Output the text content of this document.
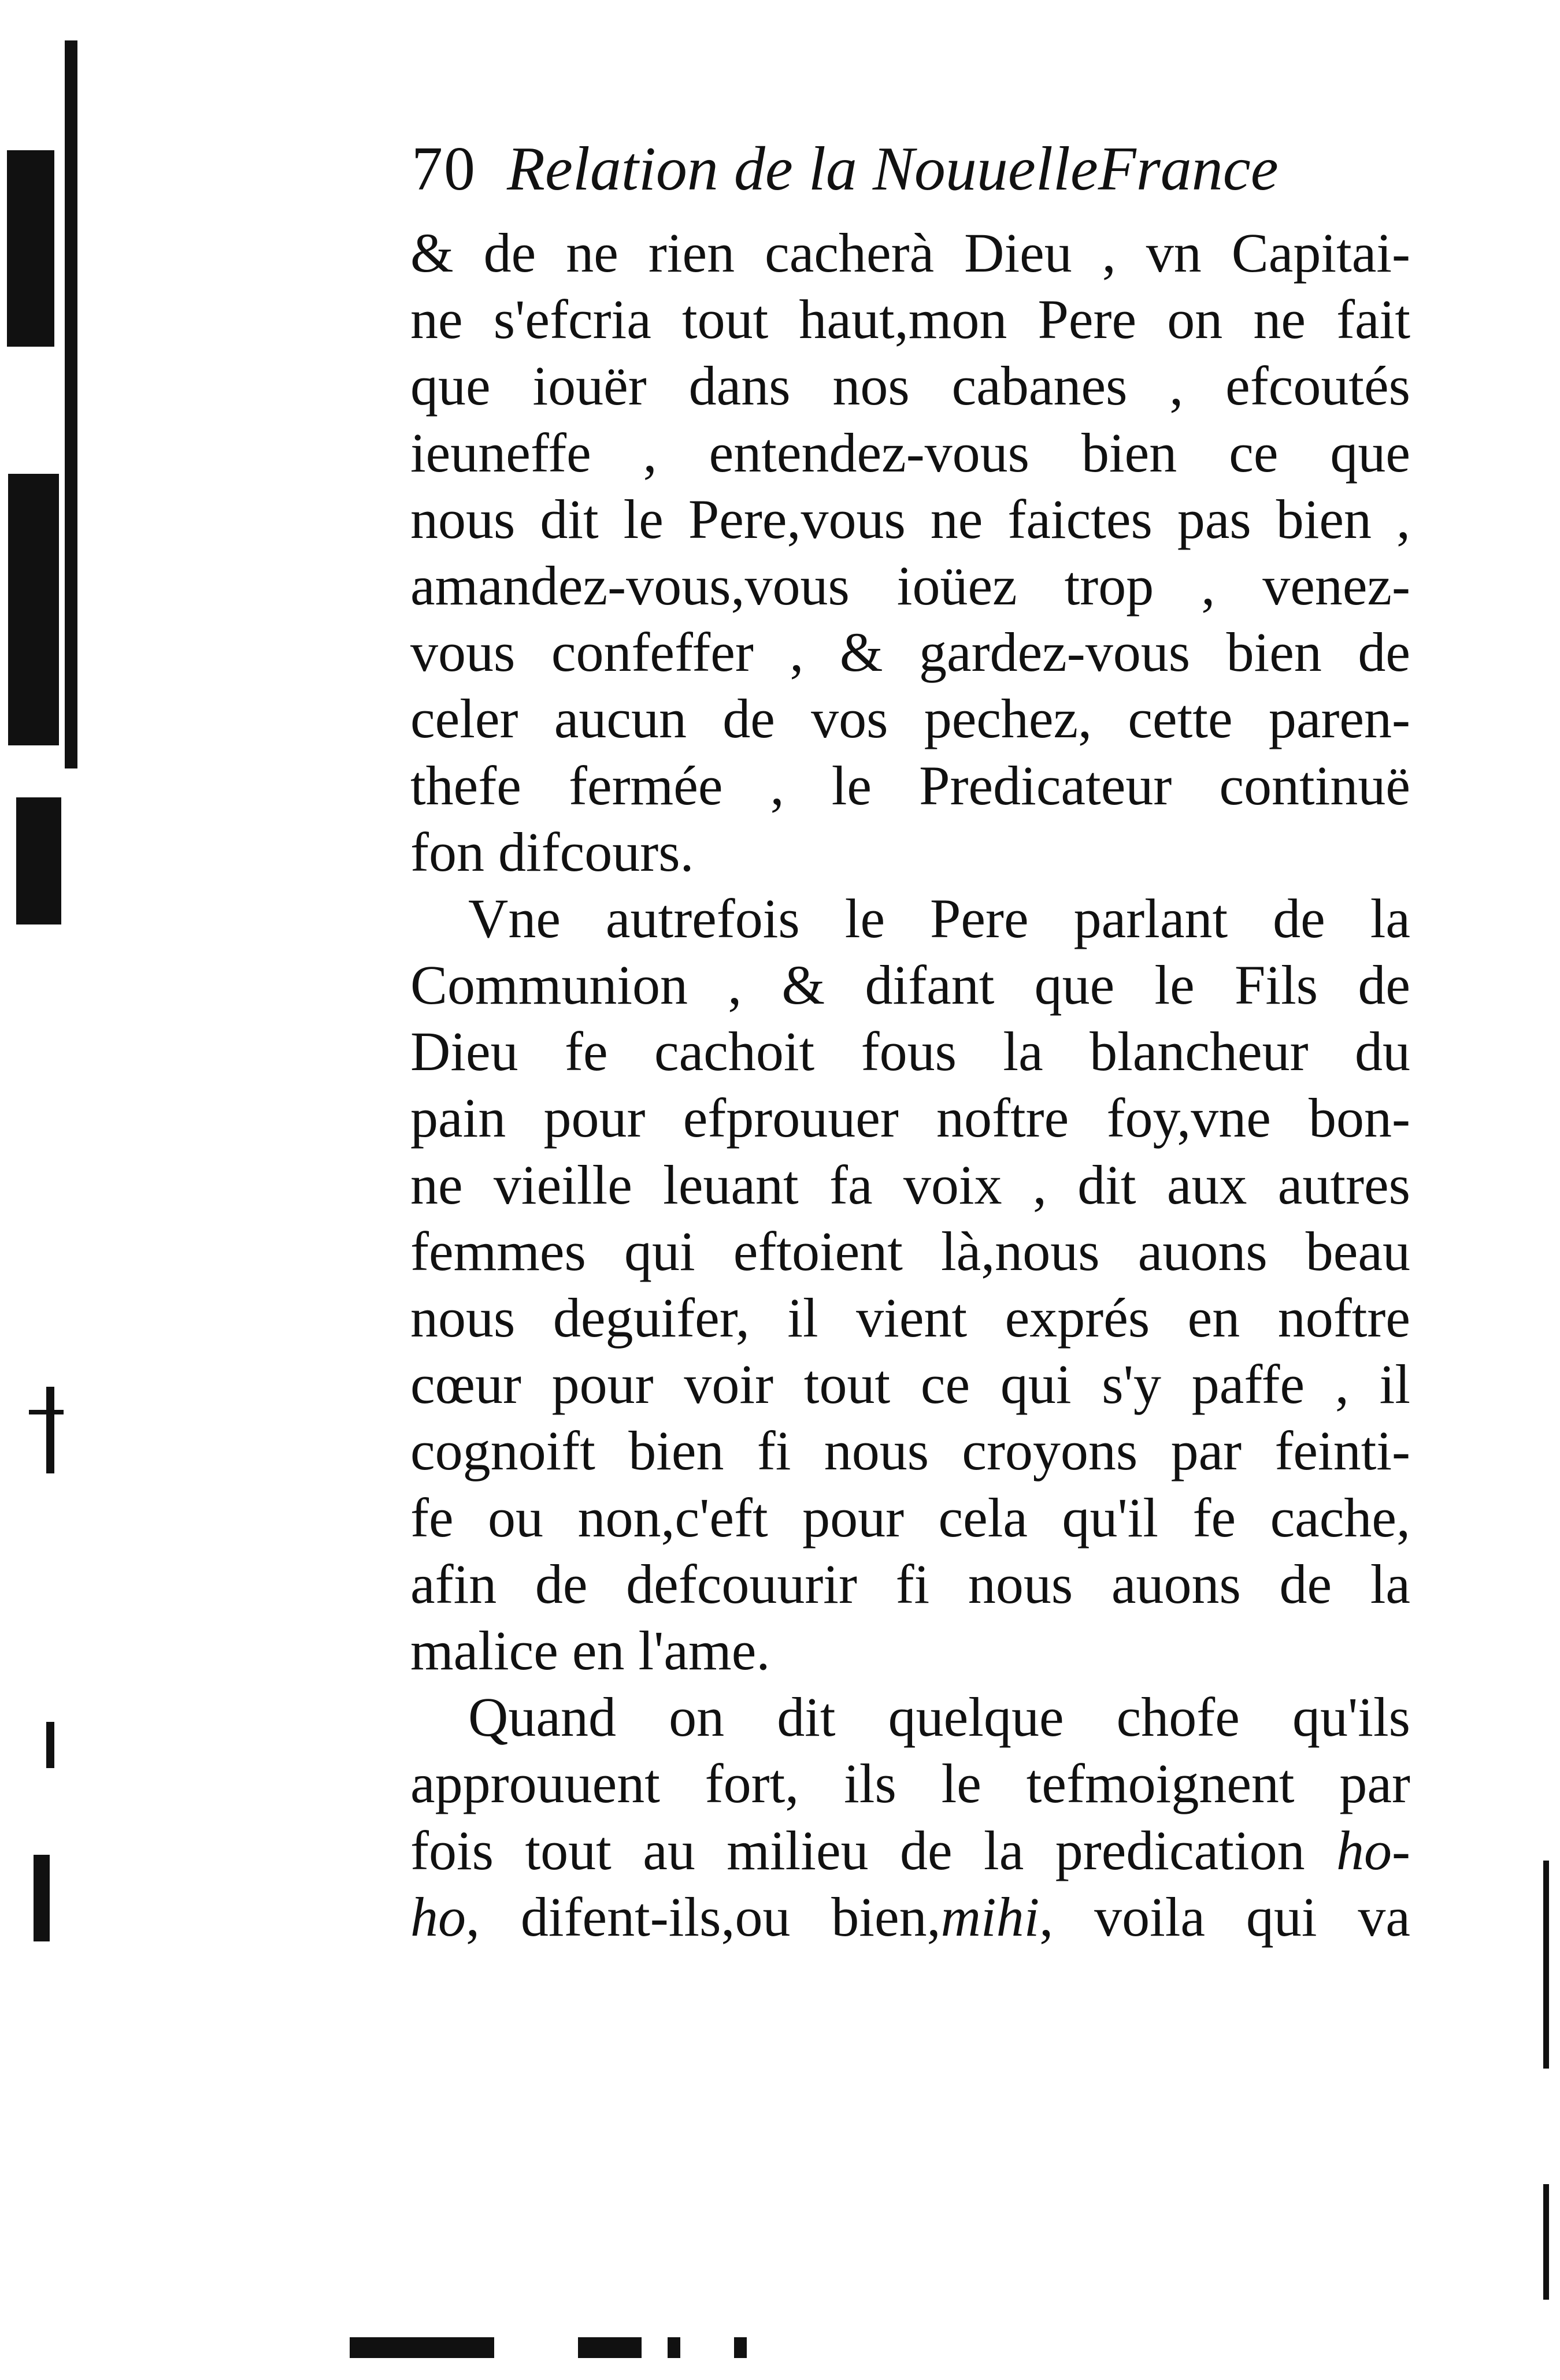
70 Relation de la NouuelleFrance
& de ne rien cacherà Dieu , vn Capitai-
ne s'efcria tout haut,mon Pere on ne fait
que iouër dans nos cabanes , efcoutés
ieuneffe , entendez-vous bien ce que
nous dit le Pere,vous ne faictes pas bien ,
amandez-vous,vous ioüez trop , venez-
vous confeffer , & gardez-vous bien de
celer aucun de vos pechez, cette paren-
thefe fermée , le Predicateur continuë
fon difcours.
Vne autrefois le Pere parlant de la
Communion , & difant que le Fils de
Dieu fe cachoit fous la blancheur du
pain pour efprouuer noftre foy,vne bon-
ne vieille leuant fa voix , dit aux autres
femmes qui eftoient là,nous auons beau
nous deguifer, il vient exprés en noftre
cœur pour voir tout ce qui s'y paffe , il
cognoift bien fi nous croyons par feinti-
fe ou non,c'eft pour cela qu'il fe cache,
afin de defcouurir fi nous auons de la
malice en l'ame.
Quand on dit quelque chofe qu'ils
approuuent fort, ils le tefmoignent par
fois tout au milieu de la predication ho-
ho, difent-ils,ou bien,mihi, voila qui va
